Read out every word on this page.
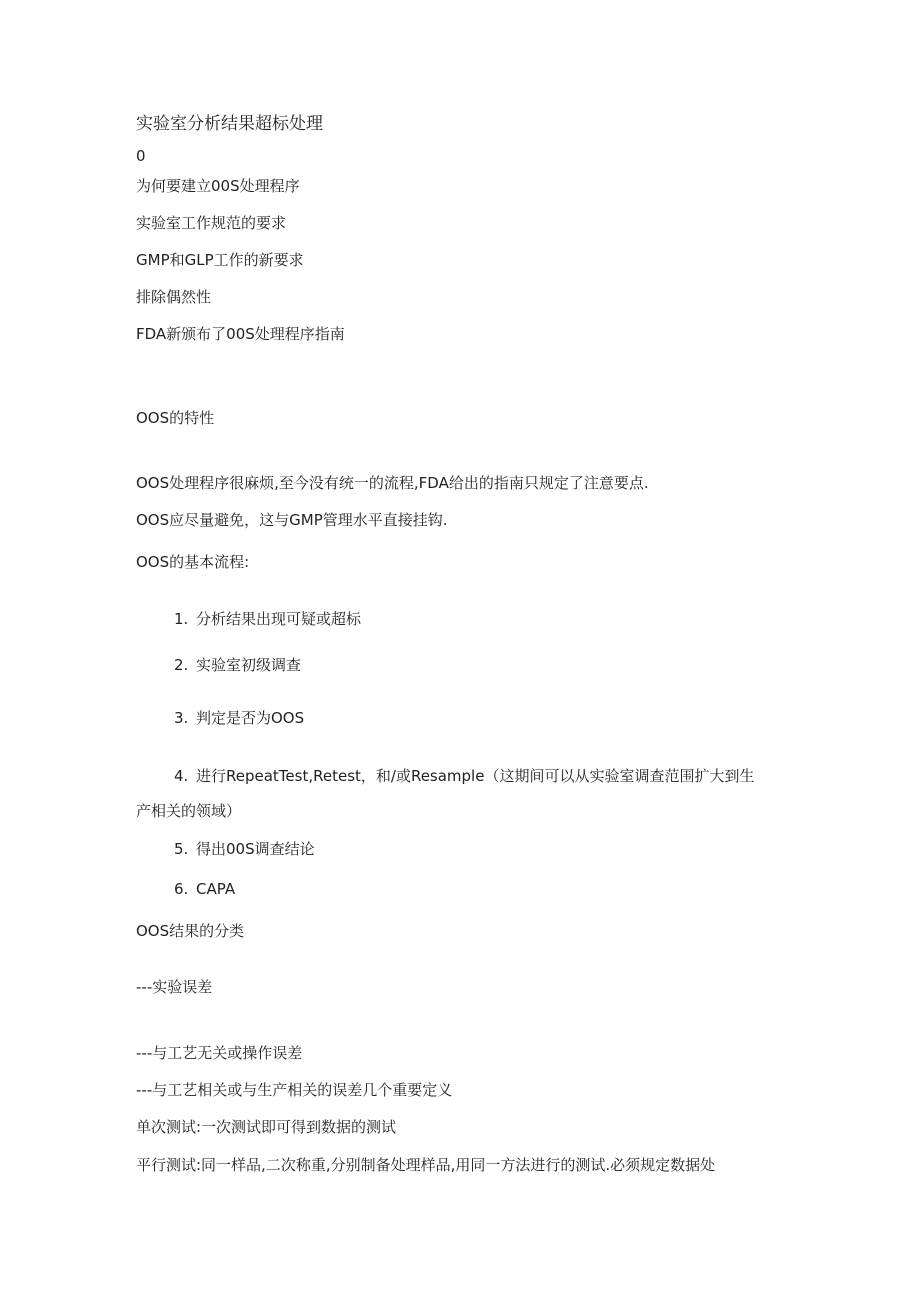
实验室分析结果超标处理

0

为何要建立00S处理程序

实验室工作规范的要求

GMP和GLP工作的新要求

排除偶然性

FDA新颁布了00S处理程序指南

OOS的特性

OOS处理程序很麻烦,至今没有统一的流程,FDA给出的指南只规定了注意要点.

OOS应尽量避免，这与GMP管理水平直接挂钩.

OOS的基本流程:

1. 分析结果出现可疑或超标

2. 实验室初级调查

3. 判定是否为OOS

4. 进行RepeatTest,Retest，和/或Resample（这期间可以从实验室调查范围扩大到生

产相关的领域）

5. 得出00S调查结论

6. CAPA

OOS结果的分类

---实验误差

---与工艺无关或操作误差

---与工艺相关或与生产相关的误差几个重要定义

单次测试:一次测试即可得到数据的测试

平行测试:同一样品,二次称重,分别制备处理样品,用同一方法进行的测试.必须规定数据处
